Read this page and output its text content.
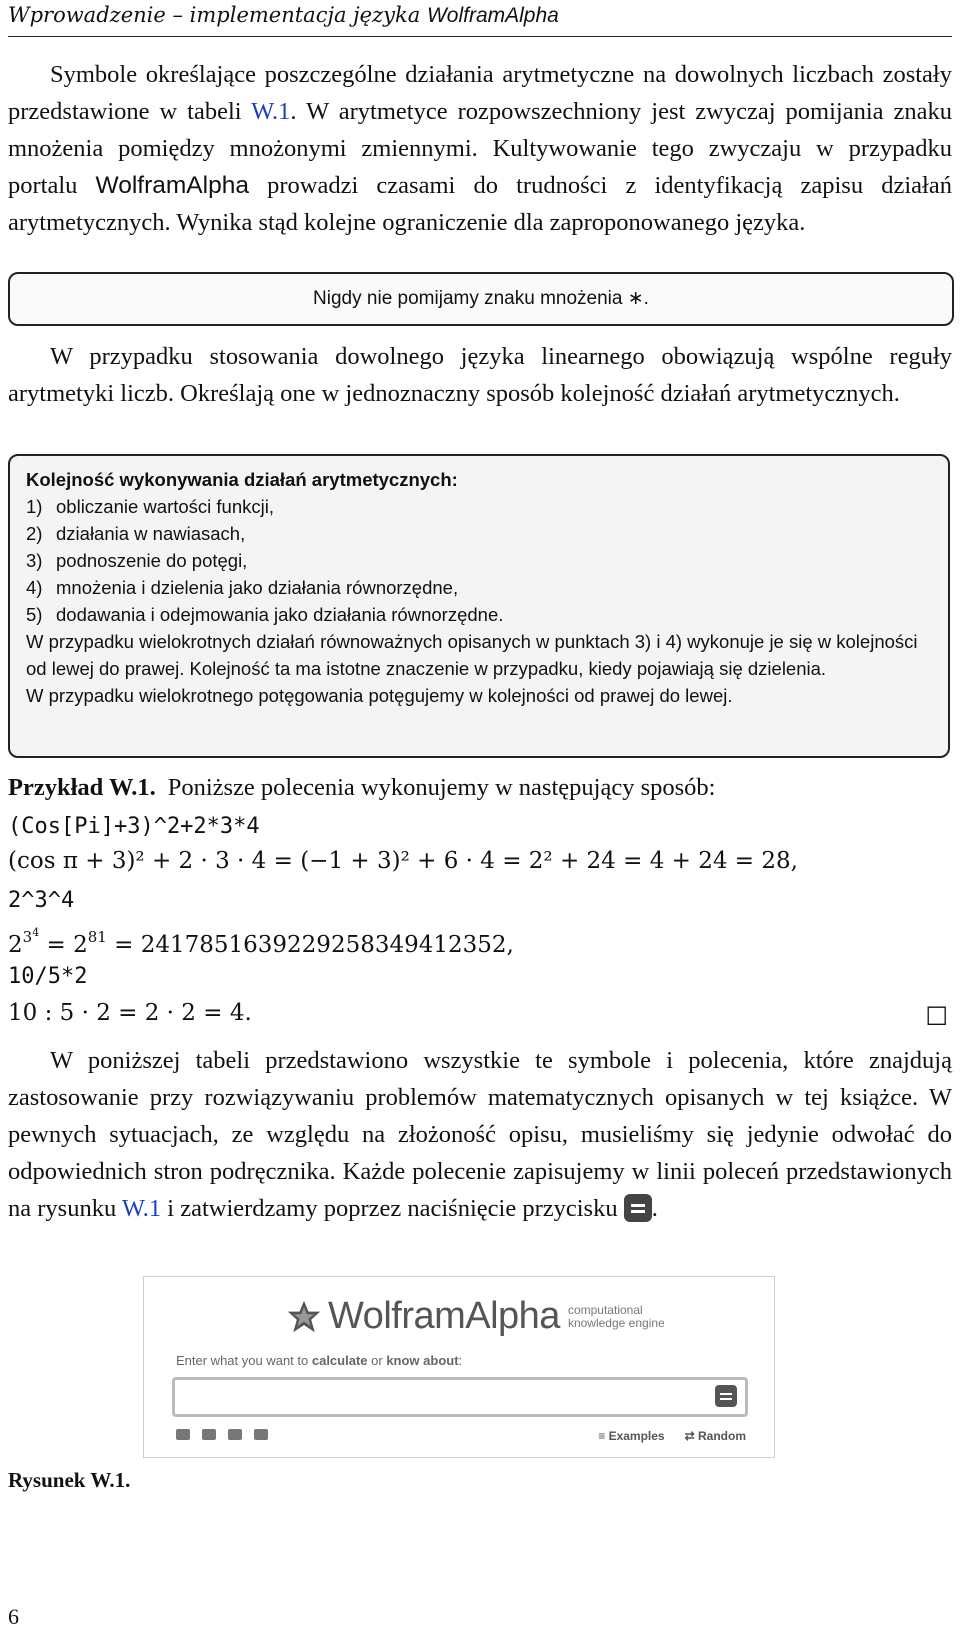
Wprowadzenie – implementacja języka WolframAlpha
Symbole określające poszczególne działania arytmetyczne na dowolnych liczbach zostały przedstawione w tabeli W.1. W arytmetyce rozpowszechniony jest zwyczaj pomijania znaku mnożenia pomiędzy mnożonymi zmiennymi. Kultywowanie tego zwyczaju w przypadku portalu WolframAlpha prowadzi czasami do trudności z identyfikacją zapisu działań arytmetycznych. Wynika stąd kolejne ograniczenie dla zaproponowanego języka.
Nigdy nie pomijamy znaku mnożenia ∗.
W przypadku stosowania dowolnego języka linearnego obowiązują wspólne reguły arytmetyki liczb. Określają one w jednoznaczny sposób kolejność działań arytmetycznych.
Kolejność wykonywania działań arytmetycznych:
1) obliczanie wartości funkcji,
2) działania w nawiasach,
3) podnoszenie do potęgi,
4) mnożenia i dzielenia jako działania równorzędne,
5) dodawania i odejmowania jako działania równorzędne.
W przypadku wielokrotnych działań równoważnych opisanych w punktach 3) i 4) wykonuje je się w kolejności od lewej do prawej. Kolejność ta ma istotne znaczenie w przypadku, kiedy pojawiają się dzielenia.
W przypadku wielokrotnego potęgowania potęgujemy w kolejności od prawej do lewej.
Przykład W.1. Poniższe polecenia wykonujemy w następujący sposób:
(Cos[Pi]+3)^2+2*3*4
(cos π + 3)² + 2 · 3 · 4 = (−1 + 3)² + 6 · 4 = 2² + 24 = 4 + 24 = 28,
2^3^4
$2^{3^4} = 2^{81} = 2417851639229258349412352$,
10/5*2
10 : 5 · 2 = 2 · 2 = 4.	□
W poniższej tabeli przedstawiono wszystkie te symbole i polecenia, które znajdują zastosowanie przy rozwiązywaniu problemów matematycznych opisanych w tej książce. W pewnych sytuacjach, ze względu na złożoność opisu, musieliśmy się jedynie odwołać do odpowiednich stron podręcznika. Każde polecenie zapisujemy w linii poleceń przedstawionych na rysunku W.1 i zatwierdzamy poprzez naciśnięcie przycisku .
WolframAlpha computational
knowledge engine
Enter what you want to calculate or know about:
≡ Examples ⇄ Random
Rysunek W.1.
6
